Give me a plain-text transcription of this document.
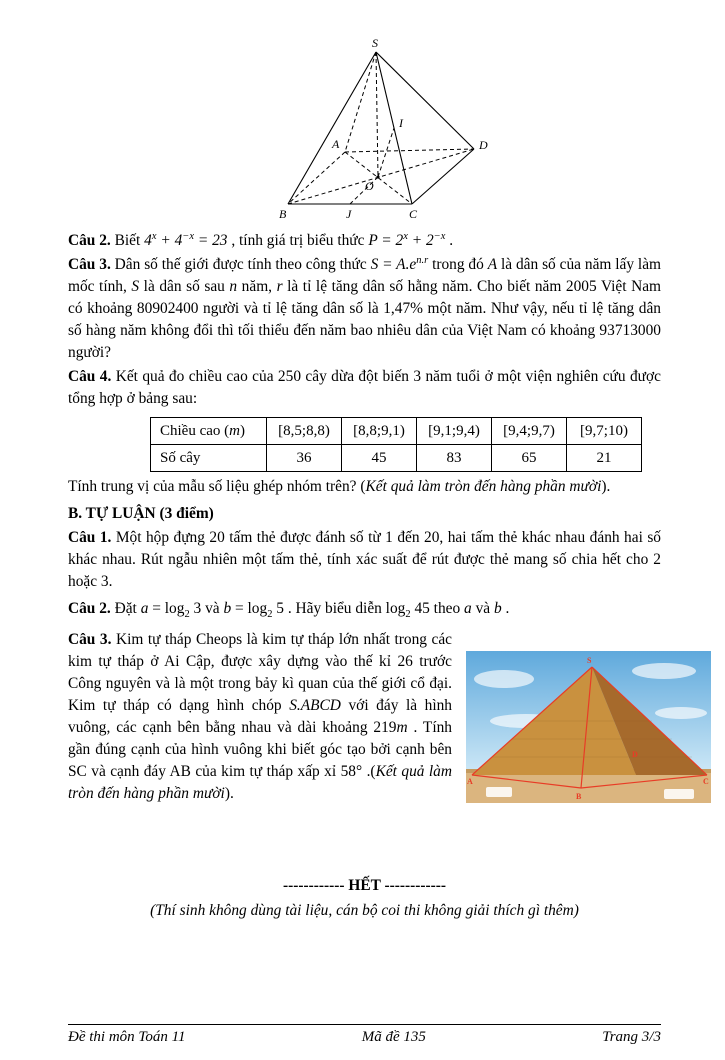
S
I
A	D
B	J	C
O

Câu 2. Biết $4^x + 4^{-x} = 23$ , tính giá trị biểu thức $P = 2^x + 2^{-x}$ .

Câu 3. Dân số thế giới được tính theo công thức $S = A.e^{n.r}$ trong đó A là dân số của năm lấy làm mốc tính, S là dân số sau n năm, r là tỉ lệ tăng dân số hằng năm. Cho biết năm 2005 Việt Nam có khoảng 80902400 người và tỉ lệ tăng dân số là 1,47% một năm. Như vậy, nếu tỉ lệ tăng dân số hàng năm không đổi thì tối thiểu đến năm bao nhiêu dân của Việt Nam có khoảng 93713000 người?

Câu 4. Kết quả đo chiều cao của 250 cây dừa đột biến 3 năm tuổi ở một viện nghiên cứu được tổng hợp ở bảng sau:

Chiều cao (m)	[8,5;8,8)	[8,8;9,1)	[9,1;9,4)	[9,4;9,7)	[9,7;10)
Số cây	36	45	83	65	21

Tính trung vị của mẫu số liệu ghép nhóm trên? (Kết quả làm tròn đến hàng phần mười).

B. TỰ LUẬN (3 điểm)

Câu 1. Một hộp đựng 20 tấm thẻ được đánh số từ 1 đến 20, hai tấm thẻ khác nhau đánh hai số khác nhau. Rút ngẫu nhiên một tấm thẻ, tính xác suất để rút được thẻ mang số chia hết cho 2 hoặc 3.

Câu 2. Đặt $a = \log_2 3$ và $b = \log_2 5$ . Hãy biểu diễn $\log_2 45$ theo a và b .

S
A
B
C
D

Câu 3. Kim tự tháp Cheops là kim tự tháp lớn nhất trong các kim tự tháp ở Ai Cập, được xây dựng vào thế kỉ 26 trước Công nguyên và là một trong bảy kì quan của thế giới cổ đại. Kim tự tháp có dạng hình chóp S.ABCD với đáy là hình vuông, các cạnh bên bằng nhau và dài khoảng 219m . Tính gần đúng cạnh của hình vuông khi biết góc tạo bởi cạnh bên SC và cạnh đáy AB của kim tự tháp xấp xỉ 58° .(Kết quả làm tròn đến hàng phần mười).

------------ HẾT ------------

(Thí sinh không dùng tài liệu, cán bộ coi thi không giải thích gì thêm)

Đề thi môn Toán 11	Mã đề 135	Trang 3/3
